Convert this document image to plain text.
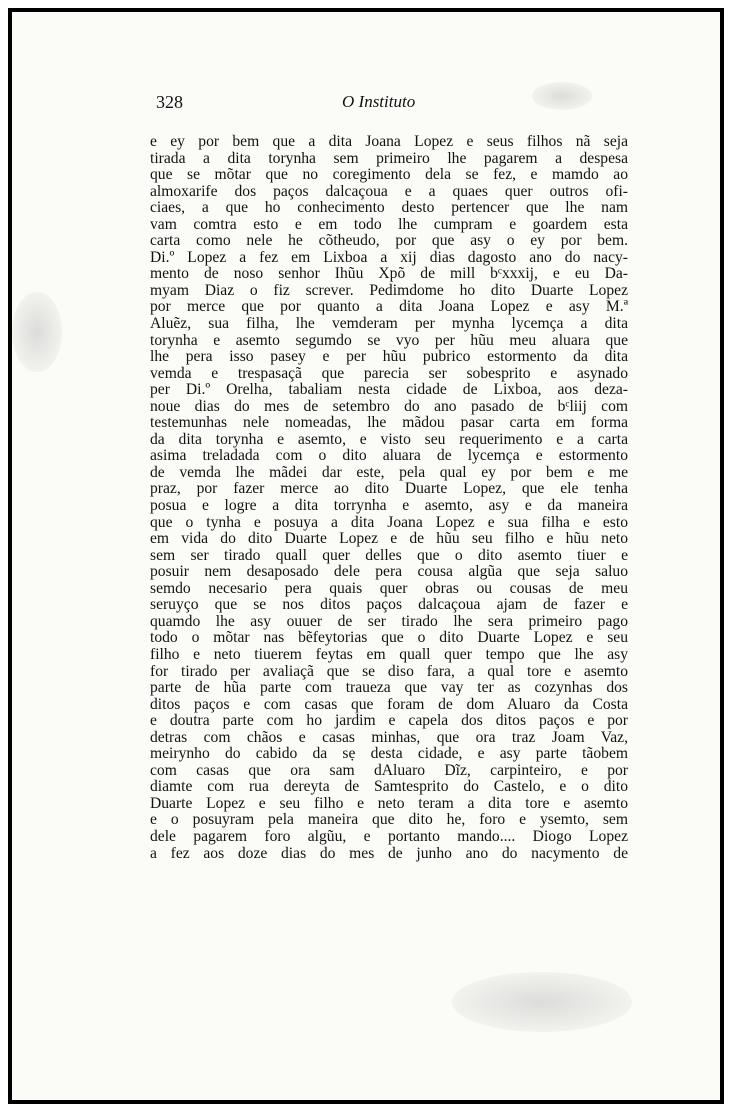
328	O Instituto
e ey por bem que a dita Joana Lopez e seus filhos nã seja
tirada a dita torynha sem primeiro lhe pagarem a despesa
que se mõtar que no coregimento dela se fez, e mamdo ao
almoxarife dos paços dalcaçoua e a quaes quer outros ofi-
ciaes, a que ho conhecimento desto pertencer que lhe nam
vam comtra esto e em todo lhe cumpram e goardem esta
carta como nele he cõtheudo, por que asy o ey por bem.
Di.º Lopez a fez em Lixboa a xij dias dagosto ano do nacy-
mento de noso senhor Ihũu Xpõ de mill bᶜxxxij, e eu Da-
myam Diaz o fiz screver. Pedimdome ho dito Duarte Lopez
por merce que por quanto a dita Joana Lopez e asy M.ª
Aluẽz, sua filha, lhe vemderam per mynha lycemça a dita
torynha e asemto segumdo se vyo per hũu meu aluara que
lhe pera isso pasey e per hũu pubrico estormento da dita
vemda e trespasaçã que parecia ser sobesprito e asynado
per Di.º Orelha, tabaliam nesta cidade de Lixboa, aos deza-
noue dias do mes de setembro do ano pasado de bᶜliij com
testemunhas nele nomeadas, lhe mãdou pasar carta em forma
da dita torynha e asemto, e visto seu requerimento e a carta
asima treladada com o dito aluara de lycemça e estormento
de vemda lhe mãdei dar este, pela qual ey por bem e me
praz, por fazer merce ao dito Duarte Lopez, que ele tenha
posua e logre a dita torrynha e asemto, asy e da maneira
que o tynha e posuya a dita Joana Lopez e sua filha e esto
em vida do dito Duarte Lopez e de hũu seu filho e hũu neto
sem ser tirado quall quer delles que o dito asemto tiuer e
posuir nem desaposado dele pera cousa algũa que seja saluo
semdo necesario pera quais quer obras ou cousas de meu
seruyço que se nos ditos paços dalcaçoua ajam de fazer e
quamdo lhe asy ouuer de ser tirado lhe sera primeiro pago
todo o mõtar nas bẽfeytorias que o dito Duarte Lopez e seu
filho e neto tiuerem feytas em quall quer tempo que lhe asy
for tirado per avaliaçã que se diso fara, a qual tore e asemto
parte de hũa parte com traueza que vay ter as cozynhas dos
ditos paços e com casas que foram de dom Aluaro da Costa
e doutra parte com ho jardim e capela dos ditos paços e por
detras com chãos e casas minhas, que ora traz Joam Vaz,
meirynho do cabido da sẹ desta cidade, e asy parte tãobem
com casas que ora sam dAluaro Dĩz, carpinteiro, e por
diamte com rua dereyta de Samtesprito do Castelo, e o dito
Duarte Lopez e seu filho e neto teram a dita tore e asemto
e o posuyram pela maneira que dito he, foro e ysemto, sem
dele pagarem foro algũu, e portanto mando.... Diogo Lopez
a fez aos doze dias do mes de junho ano do nacymento de
